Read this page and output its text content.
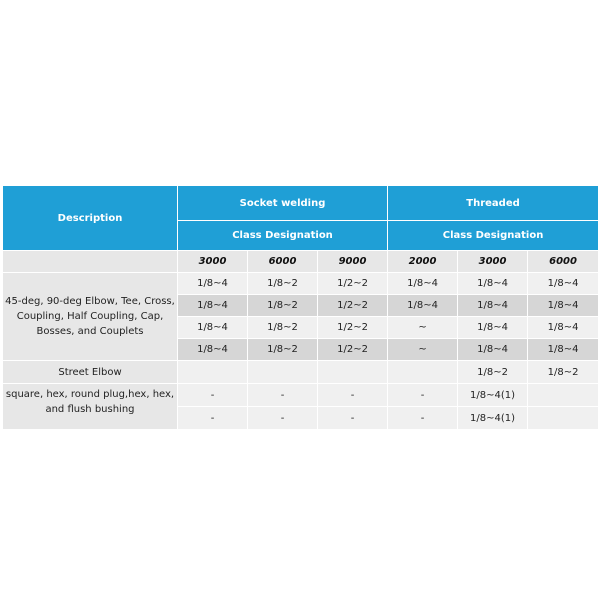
Description	Socket welding			Threaded		
	Class Designation			Class Designation		
	3000	6000	9000	2000	3000	6000
45-deg, 90-deg Elbow, Tee, Cross, Coupling, Half Coupling, Cap, Bosses, and Couplets	1/8~4	1/8~2	1/2~2	1/8~4	1/8~4	1/8~4
	1/8~4	1/8~2	1/2~2	1/8~4	1/8~4	1/8~4
	1/8~4	1/8~2	1/2~2	~	1/8~4	1/8~4
	1/8~4	1/8~2	1/2~2	~	1/8~4	1/8~4
Street Elbow					1/8~2	1/8~2
square, hex, round plug,hex, hex, and flush bushing	-	-	-	-	1/8~4(1)	
	-	-	-	-	1/8~4(1)	
